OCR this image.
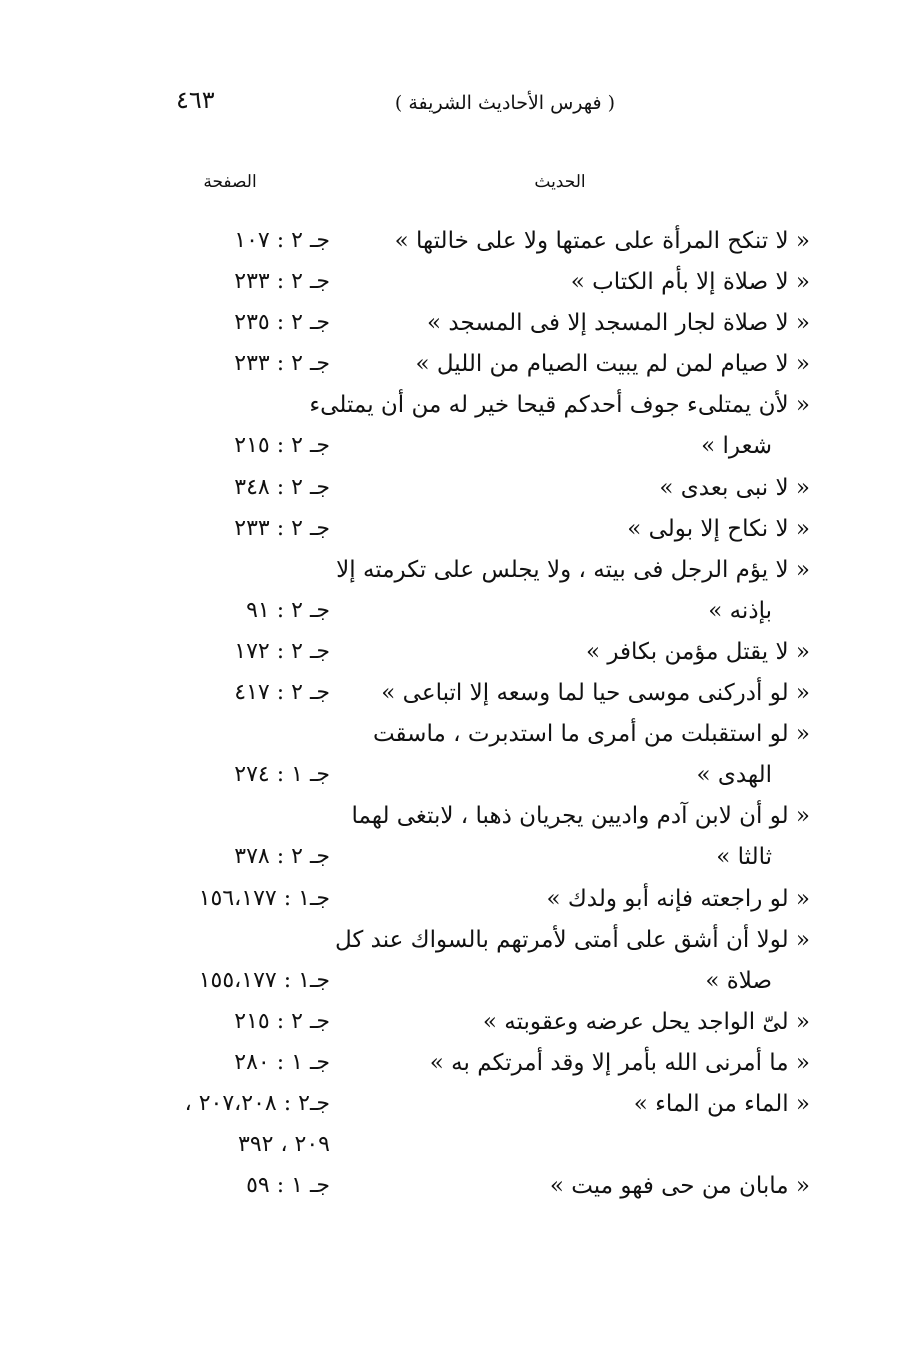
٤٦٣	( فهرس الأحاديث الشريفة )
الحديث
الصفحة
« لا تنكح المرأة على عمتها ولا على خالتها »
جـ ٢ : ١٠٧
« لا صلاة إلا بأم الكتاب »
جـ ٢ : ٢٣٣
« لا صلاة لجار المسجد إلا فى المسجد »
جـ ٢ : ٢٣٥
« لا صيام لمن لم يبيت الصيام من الليل »
جـ ٢ : ٢٣٣
« لأن يمتلىء جوف أحدكم قيحا خير له من أن يمتلىء
شعرا »
جـ ٢ : ٢١٥
« لا نبى بعدى »
جـ ٢ : ٣٤٨
« لا نكاح إلا بولى »
جـ ٢ : ٢٣٣
« لا يؤم الرجل فى بيته ، ولا يجلس على تكرمته إلا
بإذنه »
جـ ٢ : ٩١
« لا يقتل مؤمن بكافر »
جـ ٢ : ١٧٢
« لو أدركنى موسى حيا لما وسعه إلا اتباعى »
جـ ٢ : ٤١٧
« لو استقبلت من أمرى ما استدبرت ، ماسقت
الهدى »
جـ ١ : ٢٧٤
« لو أن لابن آدم واديين يجريان ذهبا ، لابتغى لهما
ثالثا »
جـ ٢ : ٣٧٨
« لو راجعته فإنه أبو ولدك »
جـ١ : ١٥٦،١٧٧
« لولا أن أشق على أمتى لأمرتهم بالسواك عند كل
صلاة »
جـ١ : ١٥٥،١٧٧
« لىّ الواجد يحل عرضه وعقوبته »
جـ ٢ : ٢١٥
« ما أمرنى الله بأمر إلا وقد أمرتكم به »
جـ ١ : ٢٨٠
« الماء من الماء »
جـ٢ : ٢٠٧،٢٠٨ ،
٢٠٩ ، ٣٩٢
« مابان من حى فهو ميت »
جـ ١ : ٥٩
